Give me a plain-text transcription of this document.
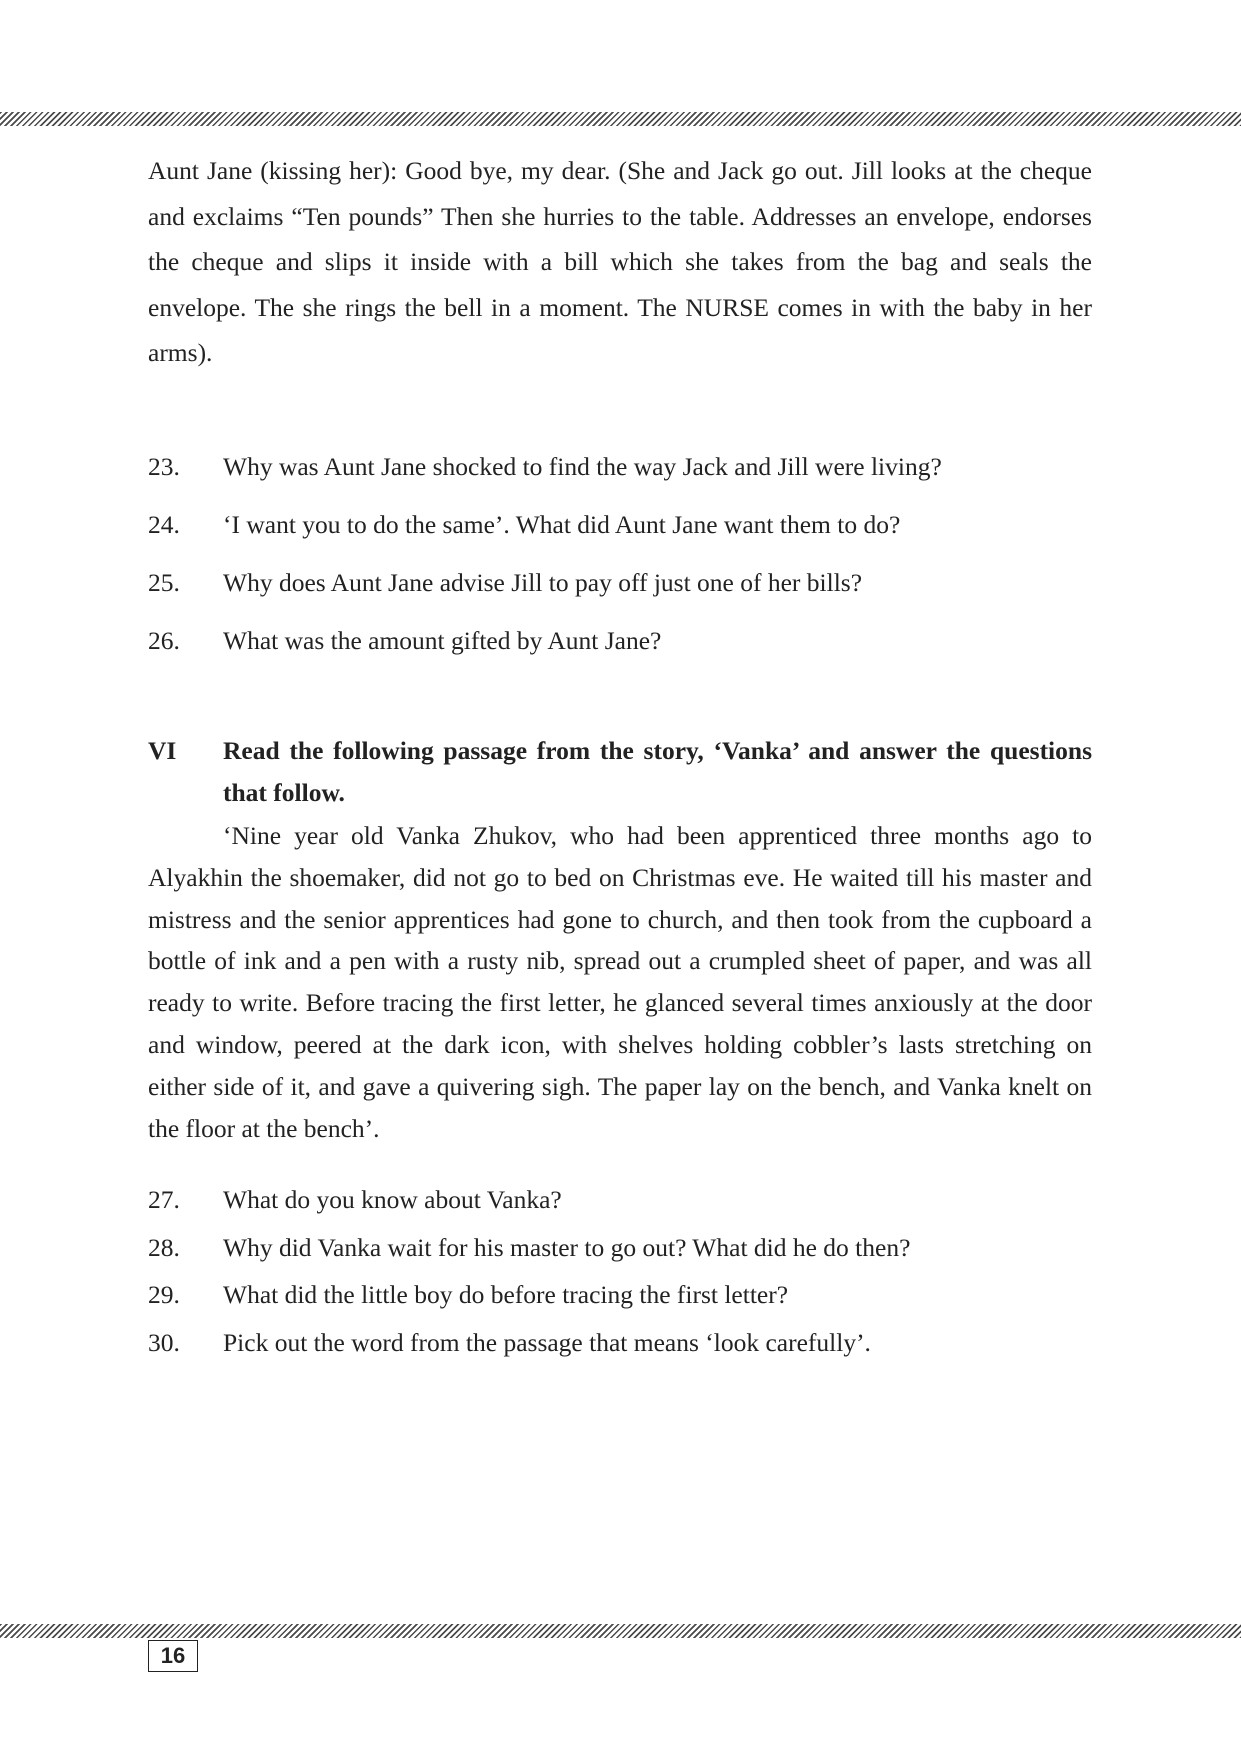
Aunt Jane (kissing her): Good bye, my dear. (She and Jack go out. Jill looks at the cheque and exclaims “Ten pounds” Then she hurries to the table. Addresses an envelope, endorses the cheque and slips it inside with a bill which she takes from the bag and seals the envelope. The she rings the bell in a moment. The NURSE comes in with the baby in her arms).

23.	Why was Aunt Jane shocked to find the way Jack and Jill were living?
24.	‘I want you to do the same’. What did Aunt Jane want them to do?
25.	Why does Aunt Jane advise Jill to pay off just one of her bills?
26.	What was the amount gifted by Aunt Jane?
VI	Read the following passage from the story, ‘Vanka’ and answer the questions that follow.

‘Nine year old Vanka Zhukov, who had been apprenticed three months ago to Alyakhin the shoemaker, did not go to bed on Christmas eve. He waited till his master and mistress and the senior apprentices had gone to church, and then took from the cupboard a bottle of ink and a pen with a rusty nib, spread out a crumpled sheet of paper, and was all ready to write. Before tracing the first letter, he glanced several times anxiously at the door and window, peered at the dark icon, with shelves holding cobbler’s lasts stretching on either side of it, and gave a quivering sigh. The paper lay on the bench, and Vanka knelt on the floor at the bench’.

27.	What do you know about Vanka?
28.	Why did Vanka wait for his master to go out? What did he do then?
29.	What did the little boy do before tracing the first letter?
30.	Pick out the word from the passage that means ‘look carefully’.
16
